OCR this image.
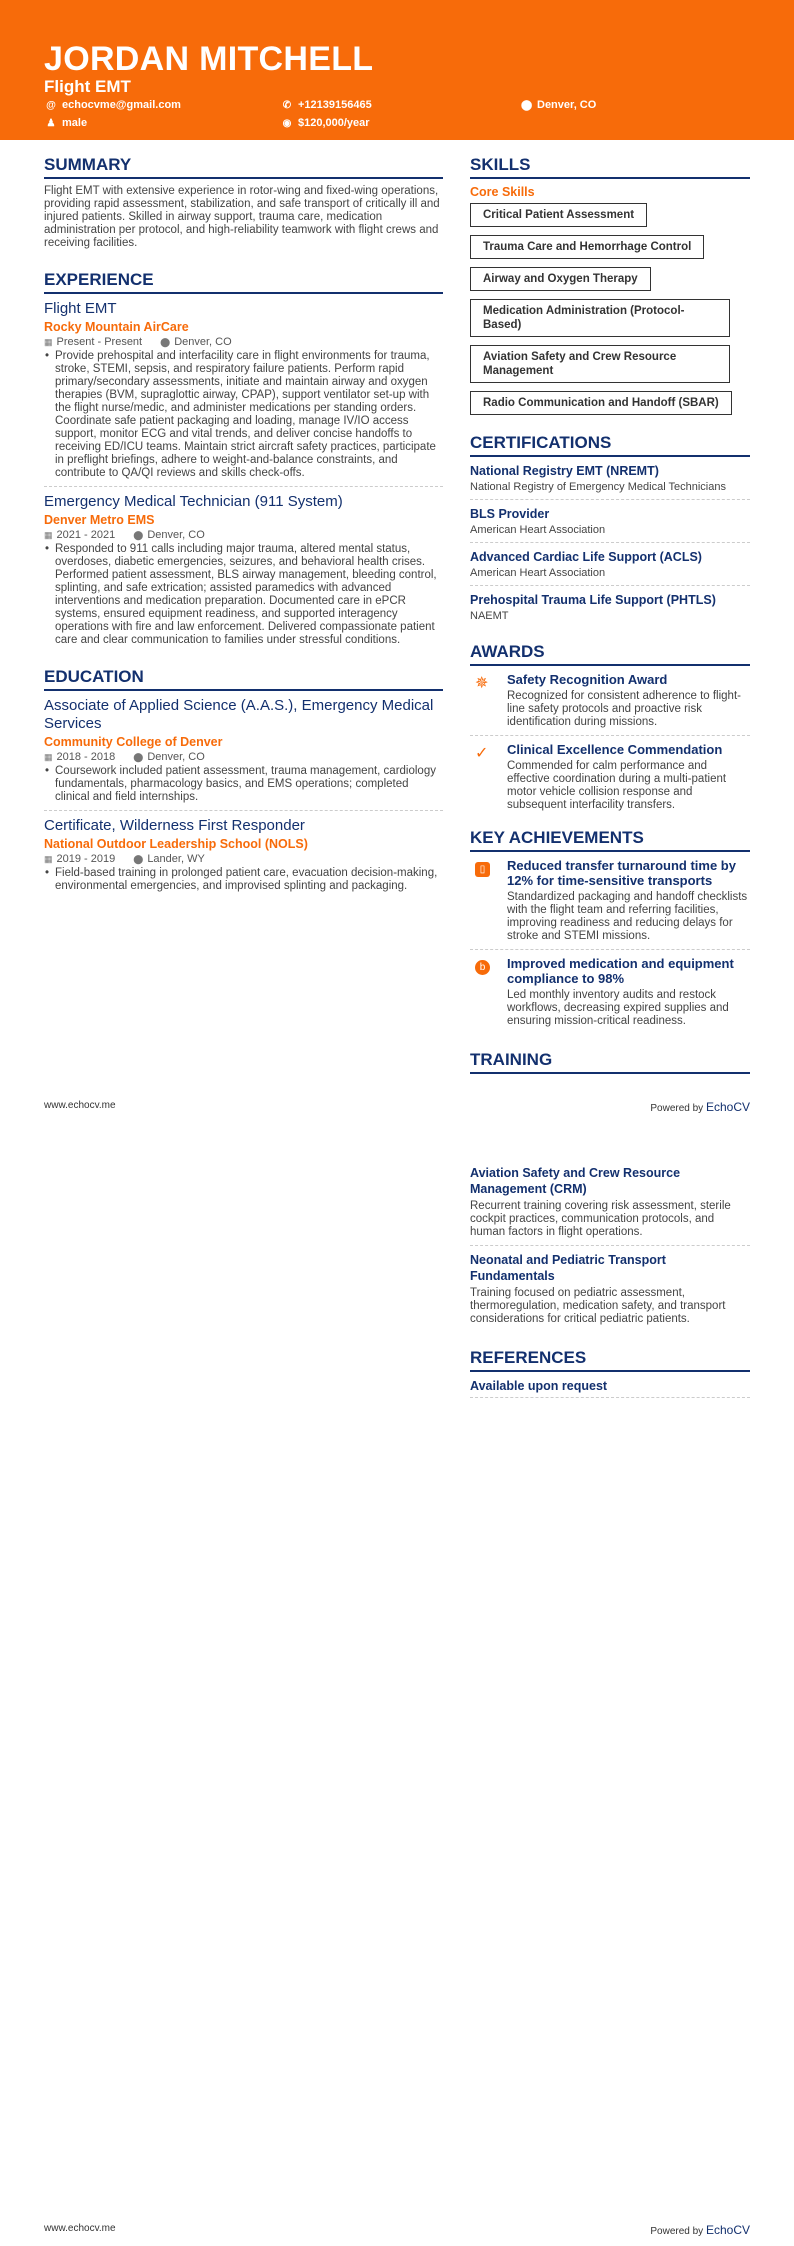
JORDAN MITCHELL
Flight EMT
@ echocvme@gmail.com	✆ +12139156465	⬤ Denver, CO
♟ male	◉ $120,000/year
SUMMARY
Flight EMT with extensive experience in rotor-wing and fixed-wing operations, providing rapid assessment, stabilization, and safe transport of critically ill and injured patients. Skilled in airway support, trauma care, medication administration per protocol, and high-reliability teamwork with flight crews and receiving facilities.
EXPERIENCE
Flight EMT
Rocky Mountain AirCare
▦ Present - Present ⬤ Denver, CO
• Provide prehospital and interfacility care in flight environments for trauma, stroke, STEMI, sepsis, and respiratory failure patients. Perform rapid primary/secondary assessments, initiate and maintain airway and oxygen therapies (BVM, supraglottic airway, CPAP), support ventilator set-up with the flight nurse/medic, and administer medications per standing orders. Coordinate safe patient packaging and loading, manage IV/IO access support, monitor ECG and vital trends, and deliver concise handoffs to receiving ED/ICU teams. Maintain strict aircraft safety practices, participate in preflight briefings, adhere to weight-and-balance constraints, and contribute to QA/QI reviews and skills check-offs.
Emergency Medical Technician (911 System)
Denver Metro EMS
▦ 2021 - 2021 ⬤ Denver, CO
• Responded to 911 calls including major trauma, altered mental status, overdoses, diabetic emergencies, seizures, and behavioral health crises. Performed patient assessment, BLS airway management, bleeding control, splinting, and safe extrication; assisted paramedics with advanced interventions and medication preparation. Documented care in ePCR systems, ensured equipment readiness, and supported interagency operations with fire and law enforcement. Delivered compassionate patient care and clear communication to families under stressful conditions.
EDUCATION
Associate of Applied Science (A.A.S.), Emergency Medical Services
Community College of Denver
▦ 2018 - 2018 ⬤ Denver, CO
• Coursework included patient assessment, trauma management, cardiology fundamentals, pharmacology basics, and EMS operations; completed clinical and field internships.
Certificate, Wilderness First Responder
National Outdoor Leadership School (NOLS)
▦ 2019 - 2019 ⬤ Lander, WY
• Field-based training in prolonged patient care, evacuation decision-making, environmental emergencies, and improvised splinting and packaging.
SKILLS
Core Skills
Critical Patient Assessment
Trauma Care and Hemorrhage Control
Airway and Oxygen Therapy
Medication Administration (Protocol-Based)
Aviation Safety and Crew Resource Management
Radio Communication and Handoff (SBAR)
CERTIFICATIONS
National Registry EMT (NREMT)
National Registry of Emergency Medical Technicians
BLS Provider
American Heart Association
Advanced Cardiac Life Support (ACLS)
American Heart Association
Prehospital Trauma Life Support (PHTLS)
NAEMT
AWARDS
✵	Safety Recognition Award
Recognized for consistent adherence to flight-line safety protocols and proactive risk identification during missions.
✓	Clinical Excellence Commendation
Commended for calm performance and effective coordination during a multi-patient motor vehicle collision response and subsequent interfacility transfers.
KEY ACHIEVEMENTS
▯	Reduced transfer turnaround time by 12% for time-sensitive transports
Standardized packaging and handoff checklists with the flight team and referring facilities, improving readiness and reducing delays for stroke and STEMI missions.
b	Improved medication and equipment compliance to 98%
Led monthly inventory audits and restock workflows, decreasing expired supplies and ensuring mission-critical readiness.
TRAINING
www.echocv.me	Powered by EchoCV
Aviation Safety and Crew Resource Management (CRM)
Recurrent training covering risk assessment, sterile cockpit practices, communication protocols, and human factors in flight operations.
Neonatal and Pediatric Transport Fundamentals
Training focused on pediatric assessment, thermoregulation, medication safety, and transport considerations for critical pediatric patients.
REFERENCES
Available upon request
www.echocv.me	Powered by EchoCV
